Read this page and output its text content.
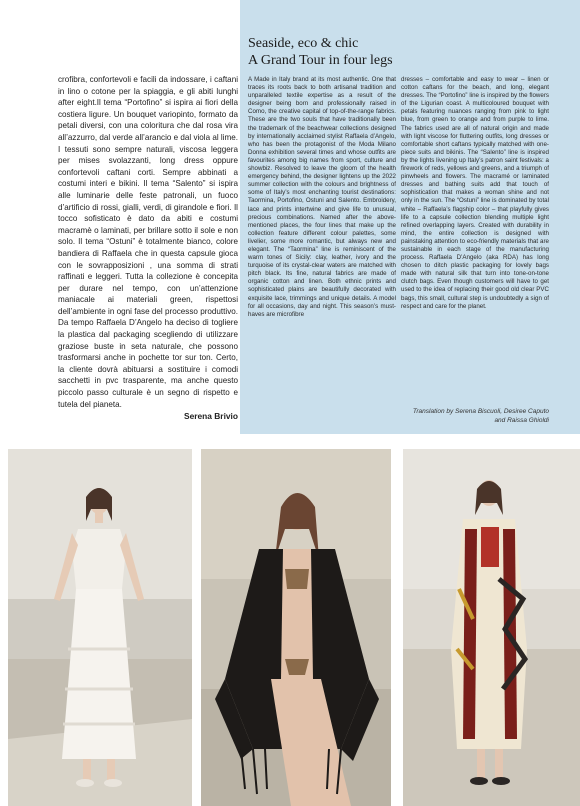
crofibra, confortevoli e facili da indossare, i caftani in lino o cotone per la spiaggia, e gli abiti lunghi after eight.Il tema “Portofino” si ispira ai fiori della costiera ligure. Un bouquet variopinto, formato da petali diversi, con una coloritura che dal rosa vira all’azzurro, dal verde all’arancio e dal viola al lime. I tessuti sono sempre naturali, viscosa leggera per mises svolazzanti, long dress oppure confortevoli caftani corti. Sempre abbinati a costumi interi e bikini. Il tema “Salento” si ispira alle luminarie delle feste patronali, un fuoco d’artificio di rossi, gialli, verdi, di girandole e fiori. Il tocco sofisticato è dato da abiti e costumi macramè o laminati, per brillare sotto il sole e non solo. Il tema “Ostuni” è totalmente bianco, colore bandiera di Raffaela che in questa capsule gioca con le sovrapposizioni , una somma di strati raffinati e leggeri. Tutta la collezione è concepita per durare nel tempo, con un’attenzione maniacale ai materiali green, rispettosi dell’ambiente in ogni fase del processo produttivo. Da tempo Raffaela D’Angelo ha deciso di togliere la plastica dal packaging scegliendo di utilizzare graziose buste in seta naturale, che possono trasformarsi anche in pochette tor sur ton. Certo, la cliente dovrà abituarsi a sostituire i comodi sacchetti in pvc trasparente, ma anche questo piccolo passo culturale è un segno di rispetto e tutela del pianeta.

Serena Brivio
Seaside, eco & chic
A Grand Tour in four legs

A Made in Italy brand at its most authentic. One that traces its roots back to both artisanal tradition and unparalleled textile expertise as a result of the designer being born and professionally raised in Como, the creative capital of top-of-the-range fabrics. These are the two souls that have traditionally been the trademark of the beachwear collections designed by internationally acclaimed stylist Raffaela d’Angelo, who has been the protagonist of the Moda Milano Donna exhibition several times and whose outfits are favourites among big names from sport, culture and showbiz. Resolved to leave the gloom of the health emergency behind, the designer lightens up the 2022 summer collection with the colours and brightness of some of Italy’s most enchanting tourist destinations: Taormina, Portofino, Ostuni and Salento. Embroidery, lace and prints intertwine and give life to unusual, precious combinations. Named after the above-mentioned places, the four lines that make up the collection feature different colour palettes, some livelier, some more romantic, but always new and elegant. The “Taormina” line is reminiscent of the warm tones of Sicily: clay, leather, ivory and the turquoise of its crystal-clear waters are matched with pitch black. Its fine, natural fabrics are made of organic cotton and linen. Both ethnic prints and sophisticated plains are beautifully decorated with exquisite lace, trimmings and unique details. A model for all occasions, day and night. This season’s must-haves are microfibre

dresses – comfortable and easy to wear – linen or cotton caftans for the beach, and long, elegant dresses. The “Portofino” line is inspired by the flowers of the Ligurian coast. A multicoloured bouquet with petals featuring nuances ranging from pink to light blue, from green to orange and from purple to lime. The fabrics used are all of natural origin and made with light viscose for fluttering outfits, long dresses or comfortable short caftans typically matched with one-piece suits and bikinis. The “Salento” line is inspired by the lights livening up Italy’s patron saint festivals: a firework of reds, yellows and greens, and a triumph of pinwheels and flowers. The macramé or laminated dresses and bathing suits add that touch of sophistication that makes a woman shine and not only in the sun. The “Ostuni” line is dominated by total white – Raffaela’s flagship color – that playfully gives life to a capsule collection blending multiple light refined overlapping layers. Created with durability in mind, the entire collection is designed with painstaking attention to eco-friendly materials that are sustainable in each stage of the manufacturing process. Raffaela D’Angelo (aka RDA) has long chosen to ditch plastic packaging for lovely bags made with natural silk that turn into tone-on-tone clutch bags. Even though customers will have to get used to the idea of replacing their good old clear PVC bags, this small, cultural step is undoubtedly a sign of respect and care for the planet.

Translation by Serena Biscuoli, Desiree Caputo and Raissa Ghioldi
